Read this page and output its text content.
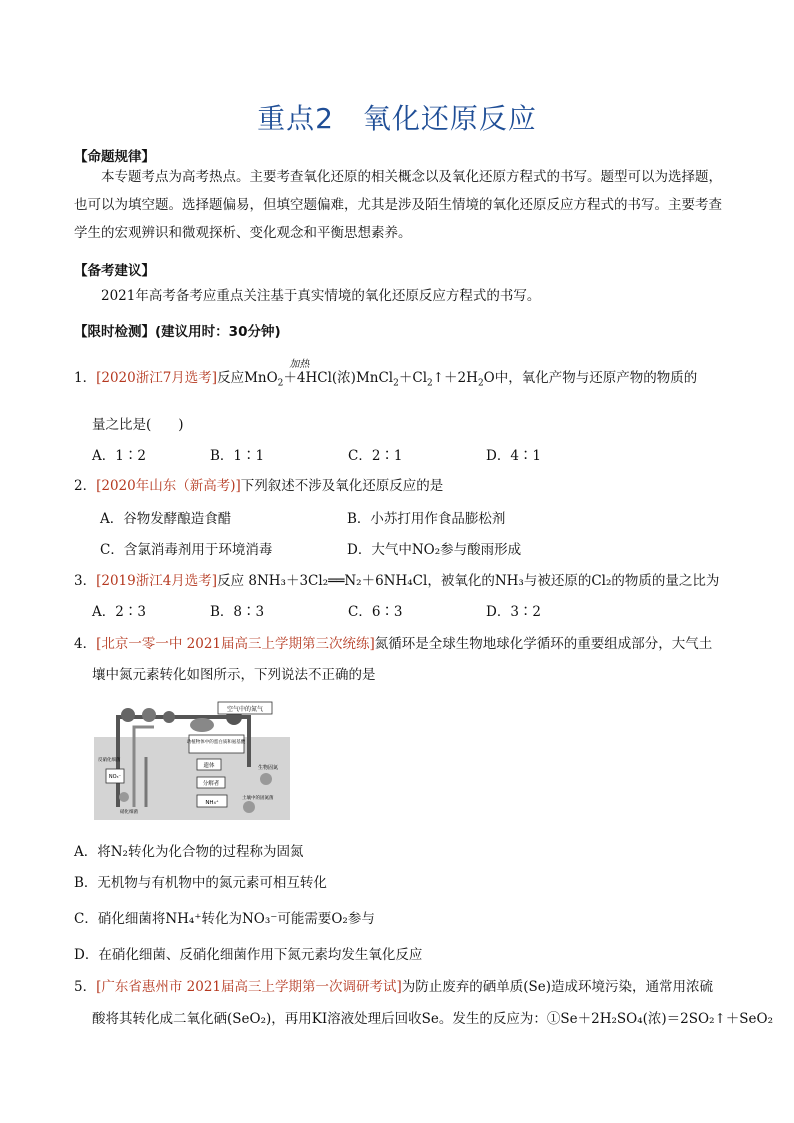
重点2　氧化还原反应
【命题规律】
本专题考点为高考热点。主要考查氧化还原的相关概念以及氧化还原方程式的书写。题型可以为选择题，也可以为填空题。选择题偏易，但填空题偏难，尤其是涉及陌生情境的氧化还原反应方程式的书写。主要考查学生的宏观辨识和微观探析、变化观念和平衡思想素养。
【备考建议】
2021年高考备考应重点关注基于真实情境的氧化还原反应方程式的书写。
【限时检测】(建议用时：30分钟)
1．[2020浙江7月选考]反应MnO$_2$＋4HCl(浓)
加热
$MnCl_2+Cl_2↑+2H_2O$中，氧化产物与还原产物的物质的
量之比是(　　)
A．1∶2	B．1∶1	C．2∶1	D．4∶1
2．[2020年山东（新高考)]下列叙述不涉及氧化还原反应的是
A．谷物发酵酿造食醋	B．小苏打用作食品膨松剂
C．含氯消毒剂用于环境消毒	D．大气中NO₂参与酸雨形成
3．[2019浙江4月选考]反应 8NH₃＋3Cl₂══N₂＋6NH₄Cl，被氧化的NH₃与被还原的Cl₂的物质的量之比为
A．2∶3	B．8∶3	C．6∶3	D．3∶2
4．[北京一零一中 2021届高三上学期第三次统练]氮循环是全球生物地球化学循环的重要组成部分，大气土
壤中氮元素转化如图所示，下列说法不正确的是
空气中的氮气
动植物体中的蛋白质和氨基酸
遗体
分解者
NH₄⁺
NO₃⁻
反硝化细菌
硝化细菌
生物固氮
土壤中的固氮菌
A．将N₂转化为化合物的过程称为固氮
B．无机物与有机物中的氮元素可相互转化
C．硝化细菌将NH₄⁺转化为NO₃⁻可能需要O₂参与
D．在硝化细菌、反硝化细菌作用下氮元素均发生氧化反应
5．[广东省惠州市 2021届高三上学期第一次调研考试]为防止废弃的硒单质(Se)造成环境污染，通常用浓硫
酸将其转化成二氧化硒(SeO₂)，再用KI溶液处理后回收Se。发生的反应为：①Se＋2H₂SO₄(浓)＝2SO₂↑＋SeO₂
